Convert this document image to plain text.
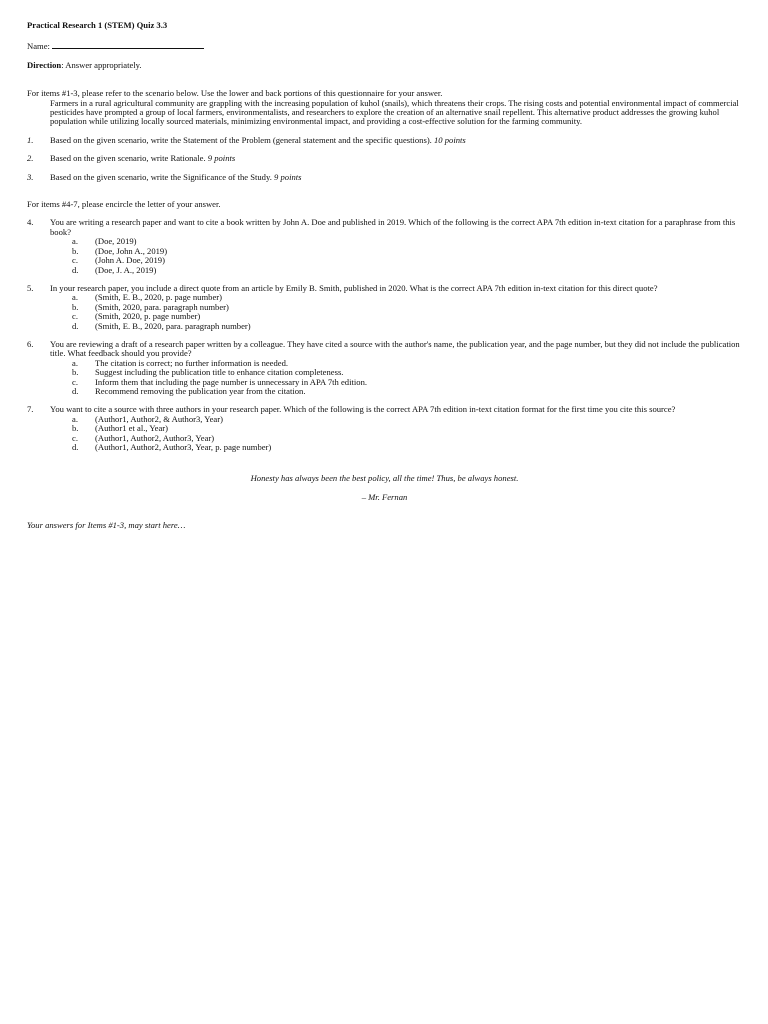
Practical Research 1 (STEM) Quiz 3.3
Name:
Direction: Answer appropriately.
For items #1-3, please refer to the scenario below. Use the lower and back portions of this questionnaire for your answer.
Farmers in a rural agricultural community are grappling with the increasing population of kuhol (snails), which threatens their crops. The rising costs and potential environmental impact of commercial pesticides have prompted a group of local farmers, environmentalists, and researchers to explore the creation of an alternative snail repellent. This alternative product addresses the growing kuhol population while utilizing locally sourced materials, minimizing environmental impact, and providing a cost-effective solution for the farming community.
1.	Based on the given scenario, write the Statement of the Problem (general statement and the specific questions). 10 points
2.	Based on the given scenario, write Rationale. 9 points
3.	Based on the given scenario, write the Significance of the Study. 9 points
For items #4-7, please encircle the letter of your answer.
4.	You are writing a research paper and want to cite a book written by John A. Doe and published in 2019. Which of the following is the correct APA 7th edition in-text citation for a paraphrase from this book?
a.	(Doe, 2019)
b.	(Doe, John A., 2019)
c.	(John A. Doe, 2019)
d.	(Doe, J. A., 2019)
5.	In your research paper, you include a direct quote from an article by Emily B. Smith, published in 2020. What is the correct APA 7th edition in-text citation for this direct quote?
a.	(Smith, E. B., 2020, p. page number)
b.	(Smith, 2020, para. paragraph number)
c.	(Smith, 2020, p. page number)
d.	(Smith, E. B., 2020, para. paragraph number)
6.	You are reviewing a draft of a research paper written by a colleague. They have cited a source with the author's name, the publication year, and the page number, but they did not include the publication title. What feedback should you provide?
a.	The citation is correct; no further information is needed.
b.	Suggest including the publication title to enhance citation completeness.
c.	Inform them that including the page number is unnecessary in APA 7th edition.
d.	Recommend removing the publication year from the citation.
7.	You want to cite a source with three authors in your research paper. Which of the following is the correct APA 7th edition in-text citation format for the first time you cite this source?
a.	(Author1, Author2, & Author3, Year)
b.	(Author1 et al., Year)
c.	(Author1, Author2, Author3, Year)
d.	(Author1, Author2, Author3, Year, p. page number)
Honesty has always been the best policy, all the time! Thus, be always honest.
– Mr. Fernan
Your answers for Items #1-3, may start here…
